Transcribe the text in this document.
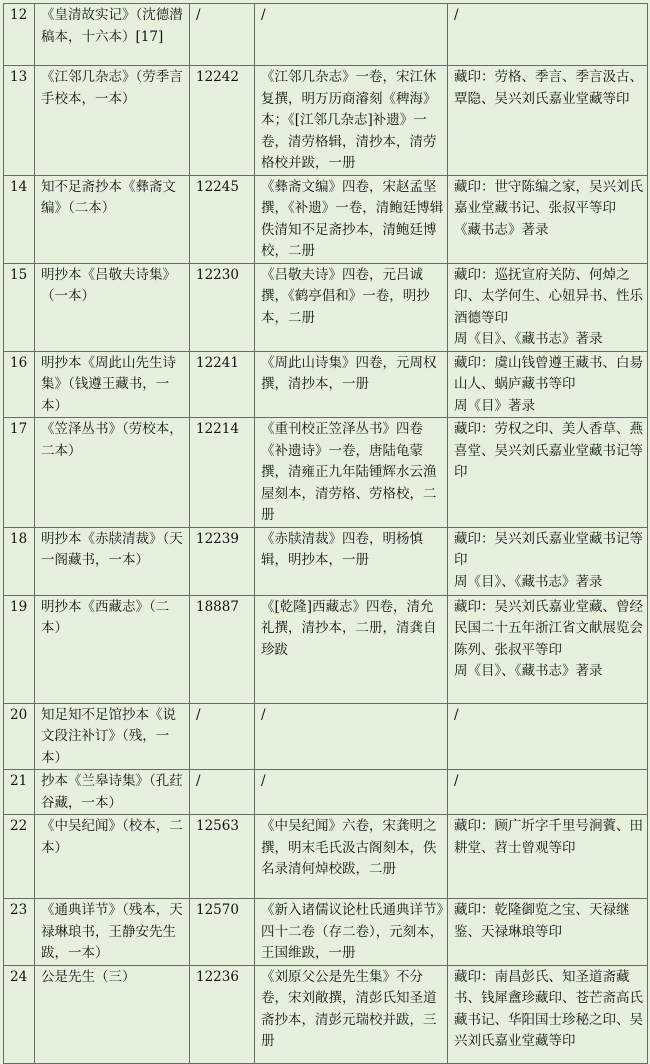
12	《皇清故实记》（沈德潜稿本，十六本）[17]	/	/	/
13	《江邻几杂志》（劳季言手校本，一本）	12242	《江邻几杂志》一卷，宋江休复撰，明万历商濬刻《稗海》本；《[江邻几杂志]补遗》一卷，清劳格辑，清抄本，清劳格校并跋，一册	藏印：劳格、季言、季言汲古、覃隐、吴兴刘氏嘉业堂藏等印
14	知不足斋抄本《彝斋文编》（二本）	12245	《彝斋文编》四卷，宋赵孟坚撰，《补遗》一卷，清鲍廷博辑佚清知不足斋抄本，清鲍廷博校，二册	藏印：世守陈编之家，吴兴刘氏嘉业堂藏书记、张叔平等印
《藏书志》著录
15	明抄本《吕敬夫诗集》（一本）	12230	《吕敬夫诗》四卷，元吕诚撰，《鹤亭倡和》一卷，明抄本，二册	藏印：巡抚宣府关防、何焯之印、太学何生、心妞异书、性乐酒德等印
周《目》、《藏书志》著录
16	明抄本《周此山先生诗集》（钱遵王藏书，一本）	12241	《周此山诗集》四卷，元周权撰，清抄本，一册	藏印：虞山钱曾遵王藏书、白昜山人、蜗庐藏书等印
周《目》著录
17	《笠泽丛书》（劳校本，二本）	12214	《重刊校正笠泽丛书》四卷《补遗诗》一卷，唐陆龟蒙撰，清雍正九年陆锺辉水云渔屋刻本，清劳格、劳格校，二册	藏印：劳权之印、美人香草、燕喜堂、吴兴刘氏嘉业堂藏书记等印
18	明抄本《赤牍清裁》（天一阁藏书，一本）	12239	《赤牍清裁》四卷，明杨慎辑，明抄本，一册	藏印：吴兴刘氏嘉业堂藏书记等印
周《目》、《藏书志》著录
19	明抄本《西藏志》（二本）	18887	《[乾隆]西藏志》四卷，清允礼撰，清抄本，二册，清龚自珍跋	藏印：吴兴刘氏嘉业堂藏、曾经民国二十五年浙江省文献展览会陈列、张叔平等印
周《目》、《藏书志》著录
20	知足知不足馆抄本《说文段注补订》（残，一本）	/	/	/
21	抄本《兰皋诗集》（孔荭谷藏，一本）	/	/	/
22	《中吴纪闻》（校本，二本）	12563	《中吴纪闻》六卷，宋龚明之撰，明末毛氏汲古阁刻本，佚名录清何焯校跋，二册	藏印：顾广圻字千里号涧薲、田耕堂、苕士曾观等印
23	《通典详节》（残本，天禄琳琅书，王静安先生跋，一本）	12570	《新入诸儒议论杜氏通典详节》四十二卷（存二卷），元刻本，王国维跋，一册	藏印：乾隆御览之宝、天禄继鉴、天禄琳琅等印
24	公是先生（三）	12236	《刘原父公是先生集》不分卷，宋刘敞撰，清彭氏知圣道斋抄本，清彭元瑞校并跋，三册	藏印：南昌彭氏、知圣道斋藏书、钱犀盦珍藏印、苍芒斋高氏藏书记、华阳国士珍秘之印、吴兴刘氏嘉业堂藏等印
